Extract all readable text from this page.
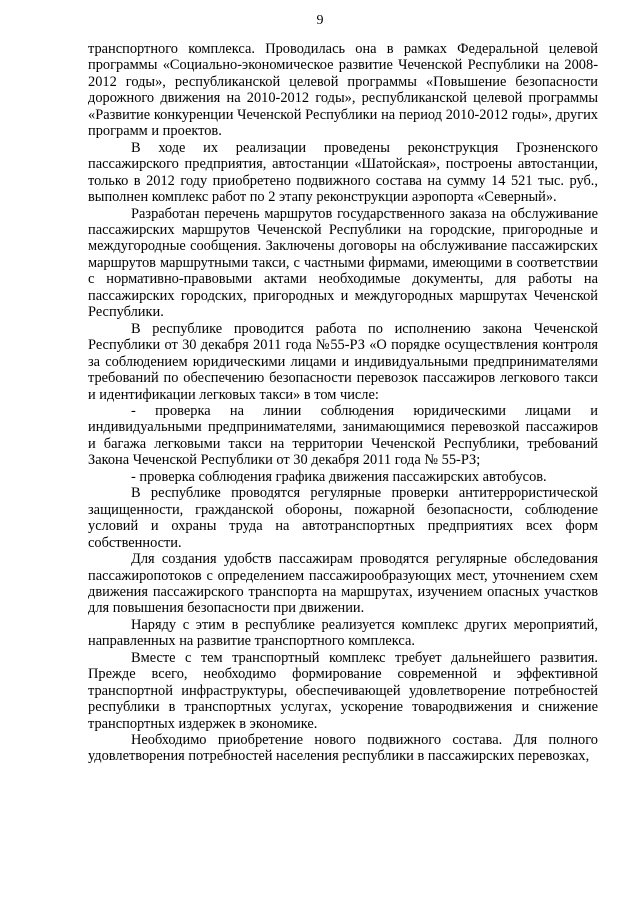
9

транспортного комплекса. Проводилась она в рамках Федеральной целевой программы «Социально-экономическое развитие Чеченской Республики на 2008-2012 годы», республиканской целевой программы «Повышение безопасности дорожного движения на 2010-2012 годы», республиканской целевой программы «Развитие конкуренции Чеченской Республики на период 2010-2012 годы», других программ и проектов.

В ходе их реализации проведены реконструкция Грозненского пассажирского предприятия, автостанции «Шатойская», построены автостанции, только в 2012 году приобретено подвижного состава на сумму 14 521 тыс. руб., выполнен комплекс работ по 2 этапу реконструкции аэропорта «Северный».

Разработан перечень маршрутов государственного заказа на обслуживание пассажирских маршрутов Чеченской Республики на городские, пригородные и междугородные сообщения. Заключены договоры на обслуживание пассажирских маршрутов маршрутными такси, с частными фирмами, имеющими в соответствии с нормативно-правовыми актами необходимые документы, для работы на пассажирских городских, пригородных и междугородных маршрутах Чеченской Республики.

В республике проводится работа по исполнению закона Чеченской Республики от 30 декабря 2011 года №55-РЗ «О порядке осуществления контроля за соблюдением юридическими лицами и индивидуальными предпринимателями требований по обеспечению безопасности перевозок пассажиров легкового такси и идентификации легковых такси» в том числе:

- проверка на линии соблюдения юридическими лицами и индивидуальными предпринимателями, занимающимися перевозкой пассажиров и багажа легковыми такси на территории Чеченской Республики, требований Закона Чеченской Республики от 30 декабря 2011 года № 55-РЗ;

- проверка соблюдения графика движения пассажирских автобусов.

В республике проводятся регулярные проверки антитеррористической защищенности, гражданской обороны, пожарной безопасности, соблюдение условий и охраны труда на автотранспортных предприятиях всех форм собственности.

Для создания удобств пассажирам проводятся регулярные обследования пассажиропотоков с определением пассажирообразующих мест, уточнением схем движения пассажирского транспорта на маршрутах, изучением опасных участков для повышения безопасности при движении.

Наряду с этим в республике реализуется комплекс других мероприятий, направленных на развитие транспортного комплекса.

Вместе с тем транспортный комплекс требует дальнейшего развития. Прежде всего, необходимо формирование современной и эффективной транспортной инфраструктуры, обеспечивающей удовлетворение потребностей республики в транспортных услугах, ускорение товародвижения и снижение транспортных издержек в экономике.

Необходимо приобретение нового подвижного состава. Для полного удовлетворения потребностей населения республики в пассажирских перевозках,
